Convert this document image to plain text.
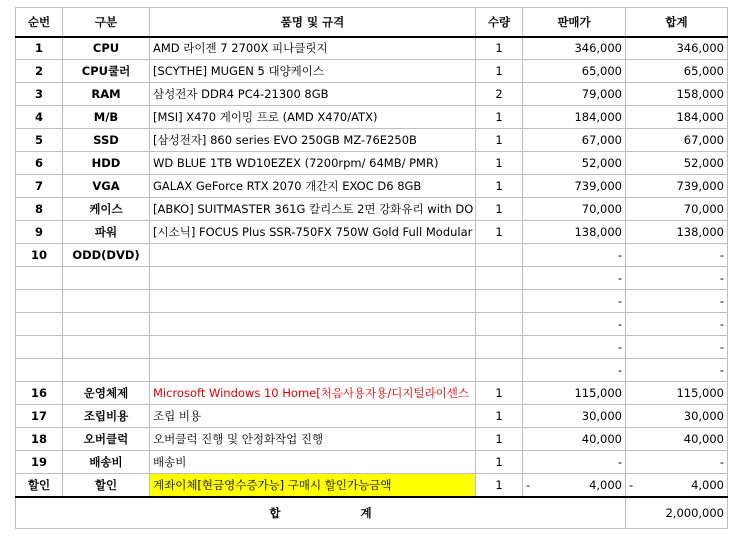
순번	구분	품명 및 규격	수량	판매가	합계
1	CPU	AMD 라이젠 7 2700X 피나클릿지	1	346,000	346,000
2	CPU쿨러	[SCYTHE] MUGEN 5 대양케이스	1	65,000	65,000
3	RAM	삼성전자 DDR4 PC4-21300 8GB	2	79,000	158,000
4	M/B	[MSI] X470 게이밍 프로 (AMD X470/ATX)	1	184,000	184,000
5	SSD	[삼성전자] 860 series EVO 250GB MZ-76E250B	1	67,000	67,000
6	HDD	WD BLUE 1TB WD10EZEX (7200rpm/ 64MB/ PMR)	1	52,000	52,000
7	VGA	GALAX GeForce RTX 2070 개간지 EXOC D6 8GB	1	739,000	739,000
8	케이스	[ABKO] SUITMASTER 361G 칼리스토 2면 강화유리 with DO	1	70,000	70,000
9	파워	[시소닉] FOCUS Plus SSR-750FX 750W Gold Full Modular	1	138,000	138,000
10	ODD(DVD)			-	-
				-	-
				-	-
				-	-
				-	-
				-	-
16	운영체제	Microsoft Windows 10 Home[처음사용자용/디지털라이센스	1	115,000	115,000
17	조립비용	조립 비용	1	30,000	30,000
18	오버클럭	오버클럭 진행 및 안정화작업 진행	1	40,000	40,000
19	배송비	배송비	1	-	-
할인	할인	계좌이체[현금영수증가능] 구매시 할인가능금액	1	- 4,000	- 4,000
합 계					2,000,000
